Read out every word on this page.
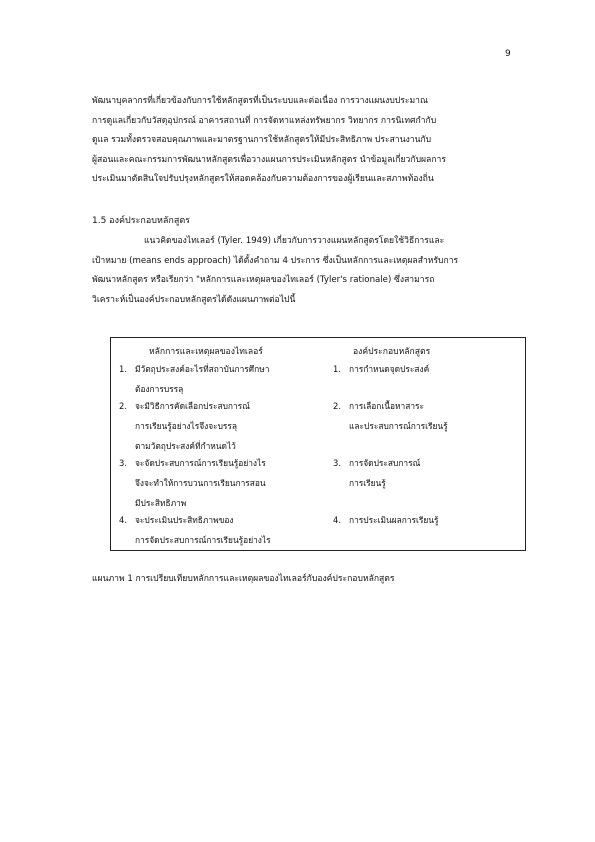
9
พัฒนาบุคลากรที่เกี่ยวข้องกับการใช้หลักสูตรที่เป็นระบบและต่อเนื่อง การวางแผนงบประมาณ
การดูแลเกี่ยวกับวัสดุอุปกรณ์ อาคารสถานที่ การจัดหาแหล่งทรัพยากร วิทยากร การนิเทศกำกับ
ดูแล รวมทั้งตรวจสอบคุณภาพและมาตรฐานการใช้หลักสูตรให้มีประสิทธิภาพ ประสานงานกับ
ผู้สอนและคณะกรรมการพัฒนาหลักสูตรเพื่อวางแผนการประเมินหลักสูตร นำข้อมูลเกี่ยวกับผลการ
ประเมินมาตัดสินใจปรับปรุงหลักสูตรให้สอดคล้องกับความต้องการของผู้เรียนและสภาพท้องถิ่น
1.5 องค์ประกอบหลักสูตร
แนวคิดของไทเลอร์ (Tyler. 1949) เกี่ยวกับการวางแผนหลักสูตรโดยใช้วิธีการและ
เป้าหมาย (means ends approach) ได้ตั้งคำถาม 4 ประการ ซึ่งเป็นหลักการและเหตุผลสำหรับการ
พัฒนาหลักสูตร หรือเรียกว่า "หลักการและเหตุผลของไทเลอร์ (Tyler's rationale) ซึ่งสามารถ
วิเคราะห์เป็นองค์ประกอบหลักสูตรได้ดังแผนภาพต่อไปนี้
หลักการและเหตุผลของไทเลอร์	องค์ประกอบหลักสูตร
1. มีวัตถุประสงค์อะไรที่สถาบันการศึกษา
ต้องการบรรลุ
2. จะมีวิธีการคัดเลือกประสบการณ์
การเรียนรู้อย่างไรจึงจะบรรลุ
ตามวัตถุประสงค์ที่กำหนดไว้
3. จะจัดประสบการณ์การเรียนรู้อย่างไร
จึงจะทำให้การบวนการเรียนการสอน
มีประสิทธิภาพ
4. จะประเมินประสิทธิภาพของ
การจัดประสบการณ์การเรียนรู้อย่างไร
1. การกำหนดจุดประสงค์
2. การเลือกเนื้อหาสาระ
และประสบการณ์การเรียนรู้
3. การจัดประสบการณ์
การเรียนรู้
4. การประเมินผลการเรียนรู้
แผนภาพ 1 การเปรียบเทียบหลักการและเหตุผลของไทเลอร์กับองค์ประกอบหลักสูตร
